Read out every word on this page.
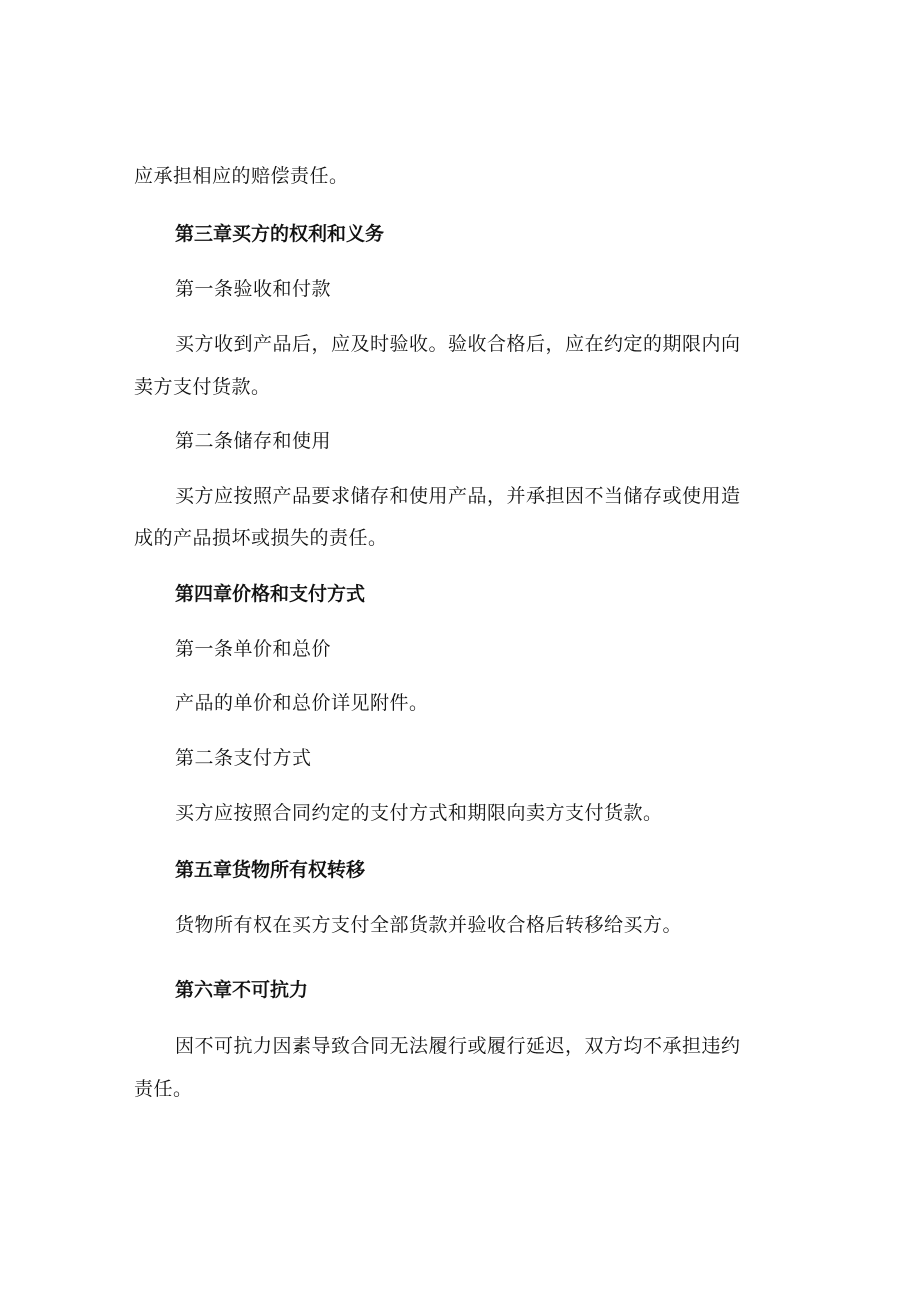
应承担相应的赔偿责任。
第三章买方的权利和义务
第一条验收和付款
买方收到产品后，应及时验收。验收合格后，应在约定的期限内向
卖方支付货款。
第二条储存和使用
买方应按照产品要求储存和使用产品，并承担因不当储存或使用造
成的产品损坏或损失的责任。
第四章价格和支付方式
第一条单价和总价
产品的单价和总价详见附件。
第二条支付方式
买方应按照合同约定的支付方式和期限向卖方支付货款。
第五章货物所有权转移
货物所有权在买方支付全部货款并验收合格后转移给买方。
第六章不可抗力
因不可抗力因素导致合同无法履行或履行延迟，双方均不承担违约
责任。
